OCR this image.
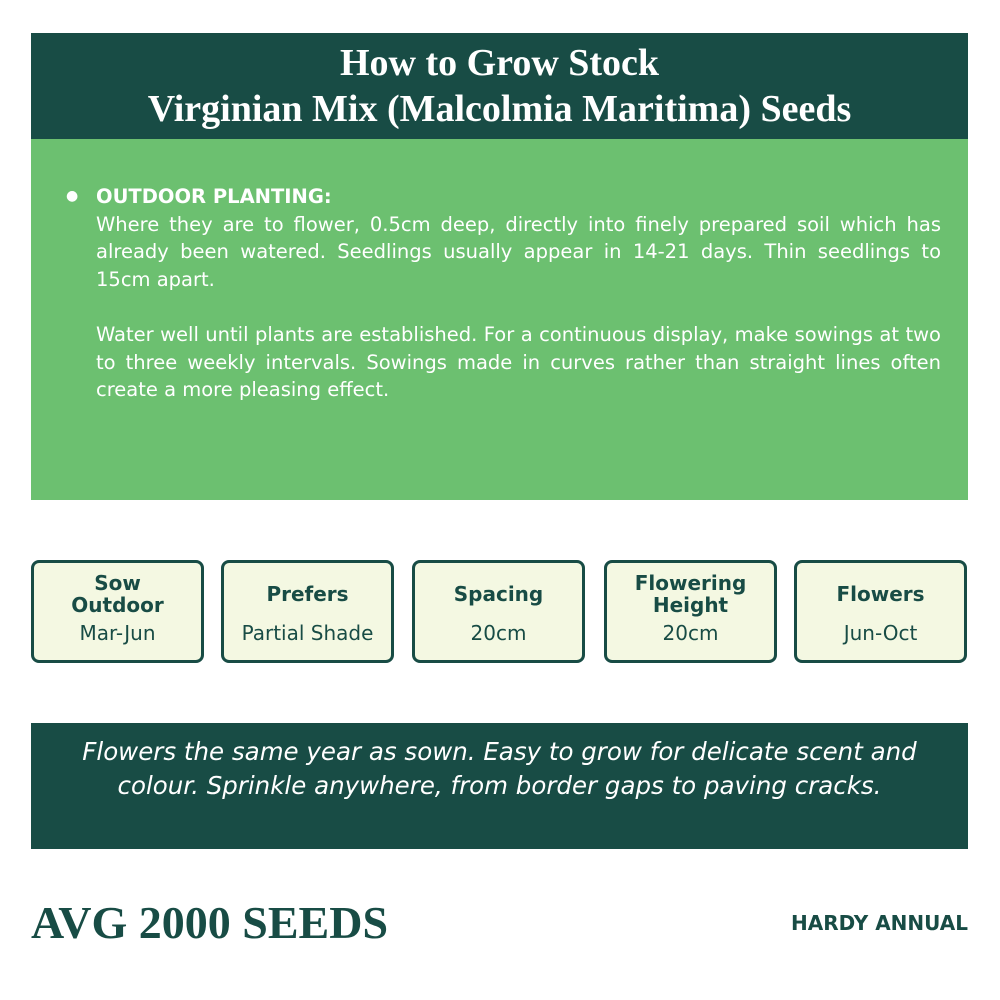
How to Grow Stock
Virginian Mix (Malcolmia Maritima) Seeds
● OUTDOOR PLANTING:

Where they are to flower, 0.5cm deep, directly into finely prepared soil which has already been watered. Seedlings usually appear in 14-21 days. Thin seedlings to 15cm apart.

Water well until plants are established. For a continuous display, make sowings at two to three weekly intervals. Sowings made in curves rather than straight lines often create a more pleasing effect.

Sow
Outdoor
Mar-Jun
Prefers
Partial Shade
Spacing
20cm
Flowering
Height
20cm
Flowers
Jun-Oct
Flowers the same year as sown. Easy to grow for delicate scent and colour. Sprinkle anywhere, from border gaps to paving cracks.
AVG 2000 SEEDS	HARDY ANNUAL
